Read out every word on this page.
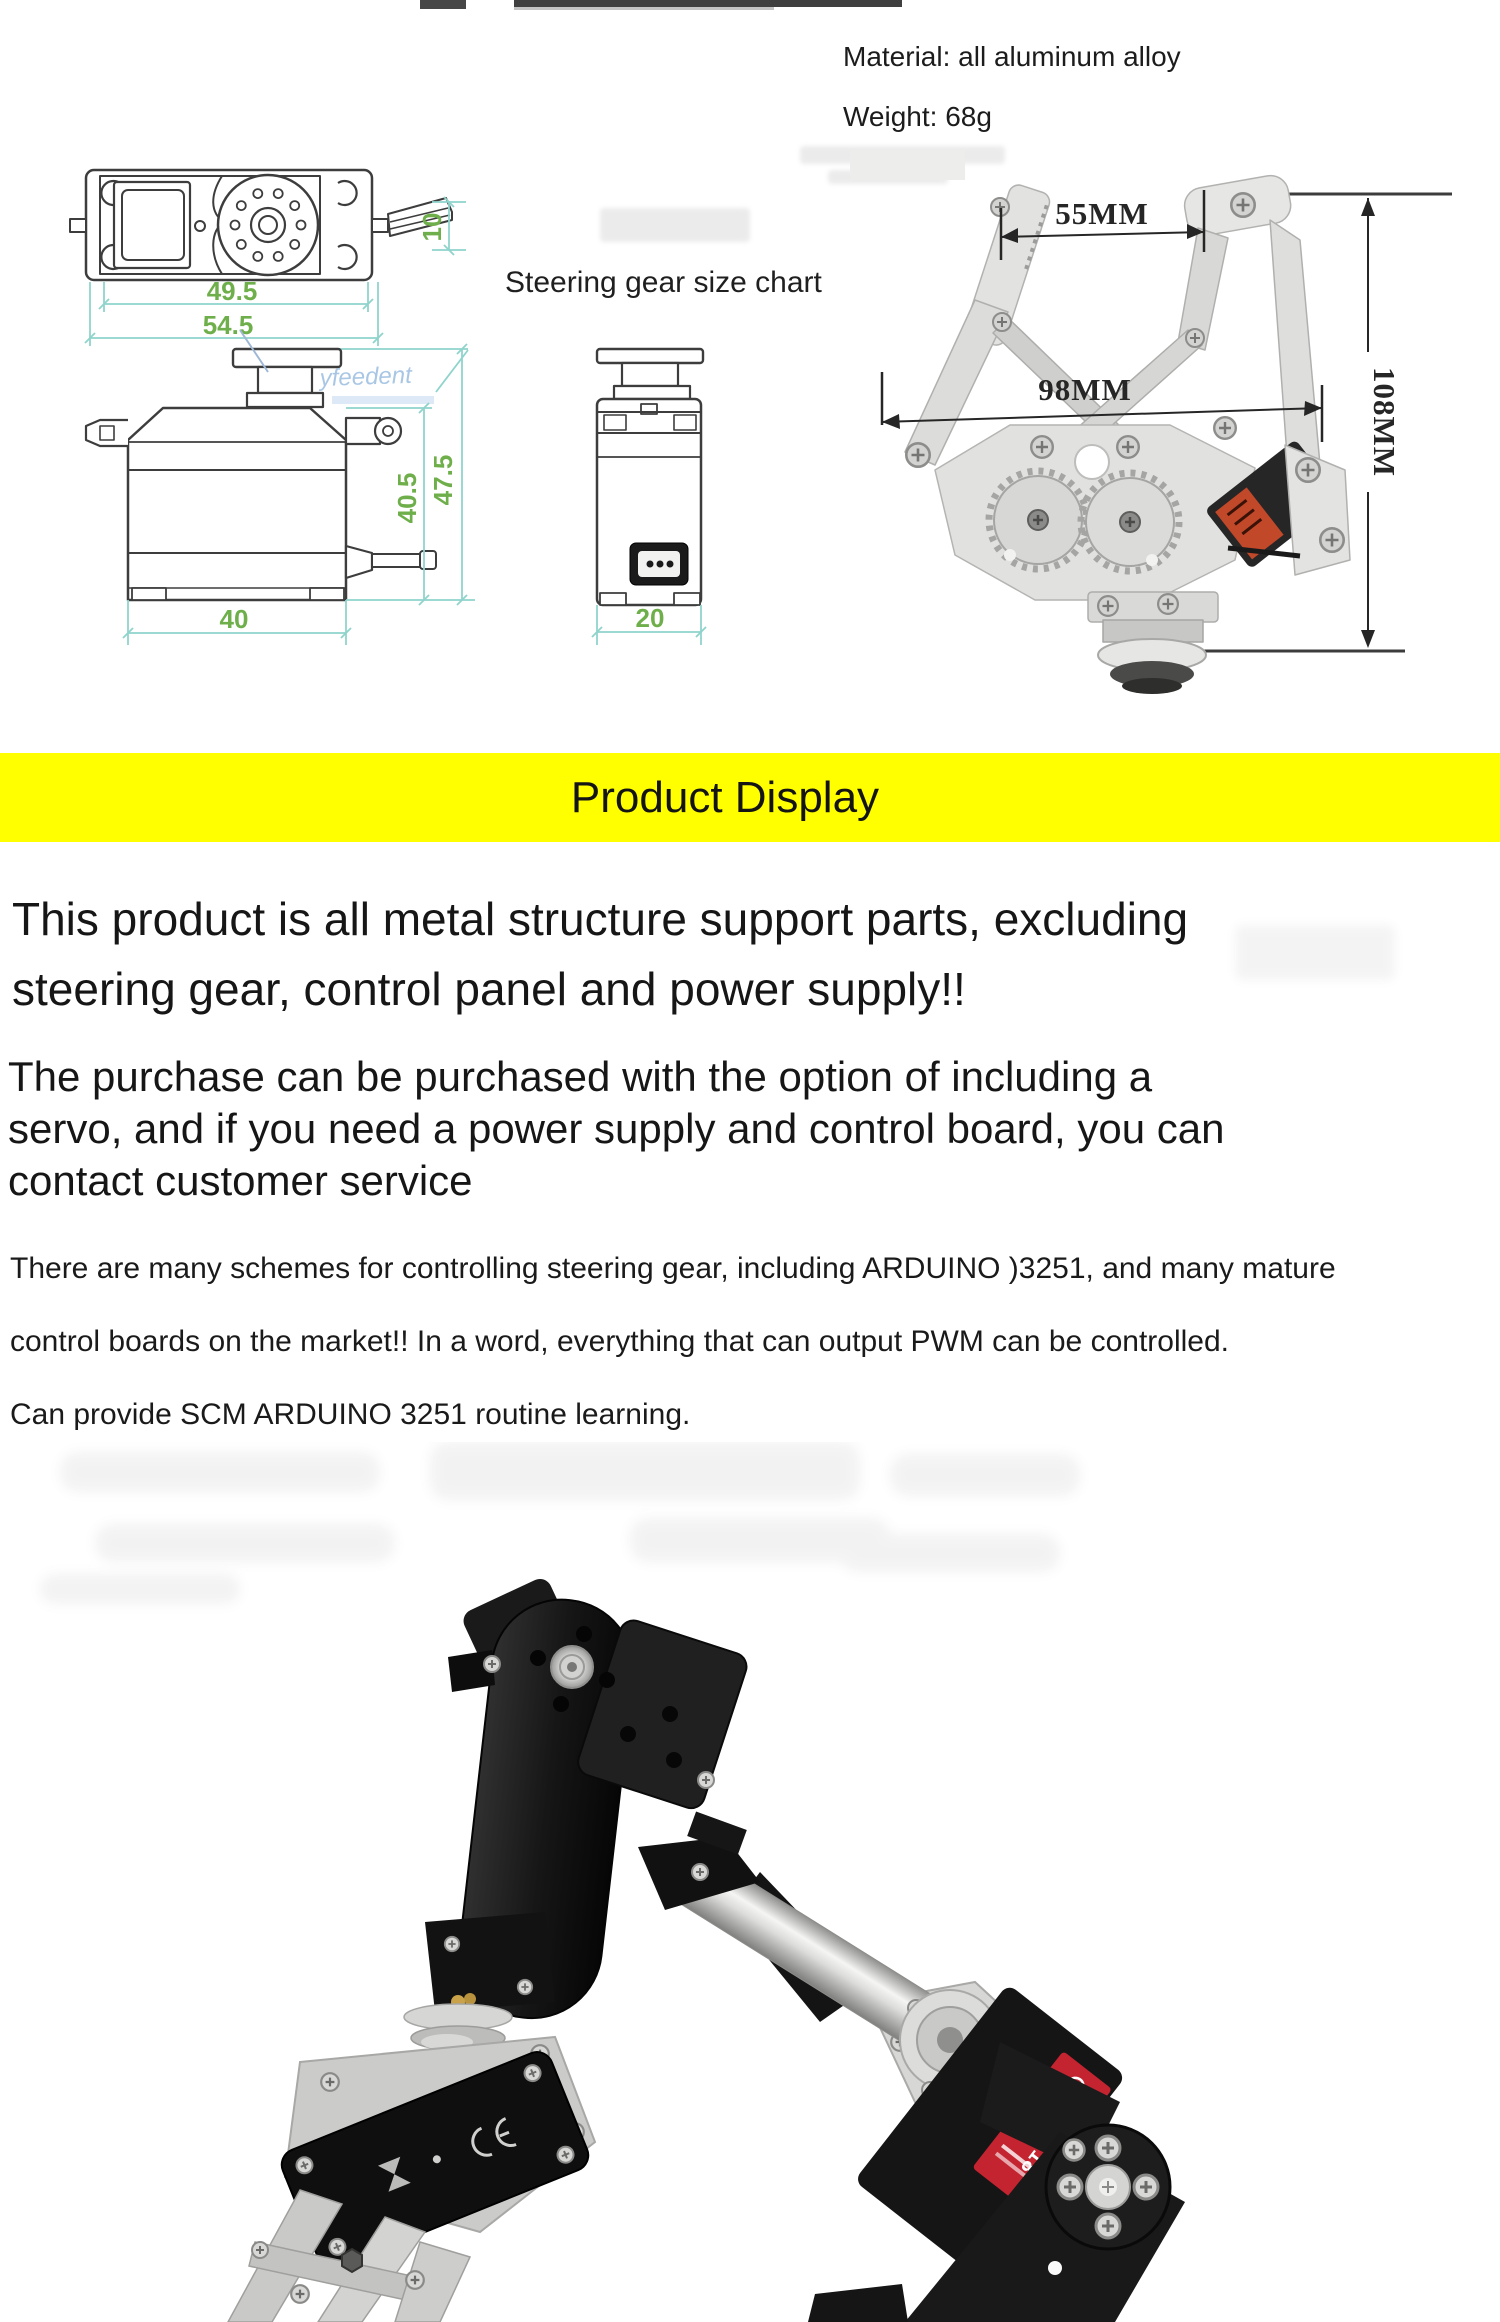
Material: all aluminum alloy
Weight: 68g
10
49.5
54.5
yfeedent
40.5 47.5
40	20
Steering gear size chart
55MM
98MM	108MM
Product Display
This product is all metal structure support parts, excluding
steering gear, control panel and power supply!!
The purchase can be purchased with the option of including a
servo, and if you need a power supply and control board, you can
contact customer service
There are many schemes for controlling steering gear, including ARDUINO )3251, and many mature
control boards on the market!! In a word, everything that can output PWM can be controlled.
Can provide SCM ARDUINO 3251 routine learning.
